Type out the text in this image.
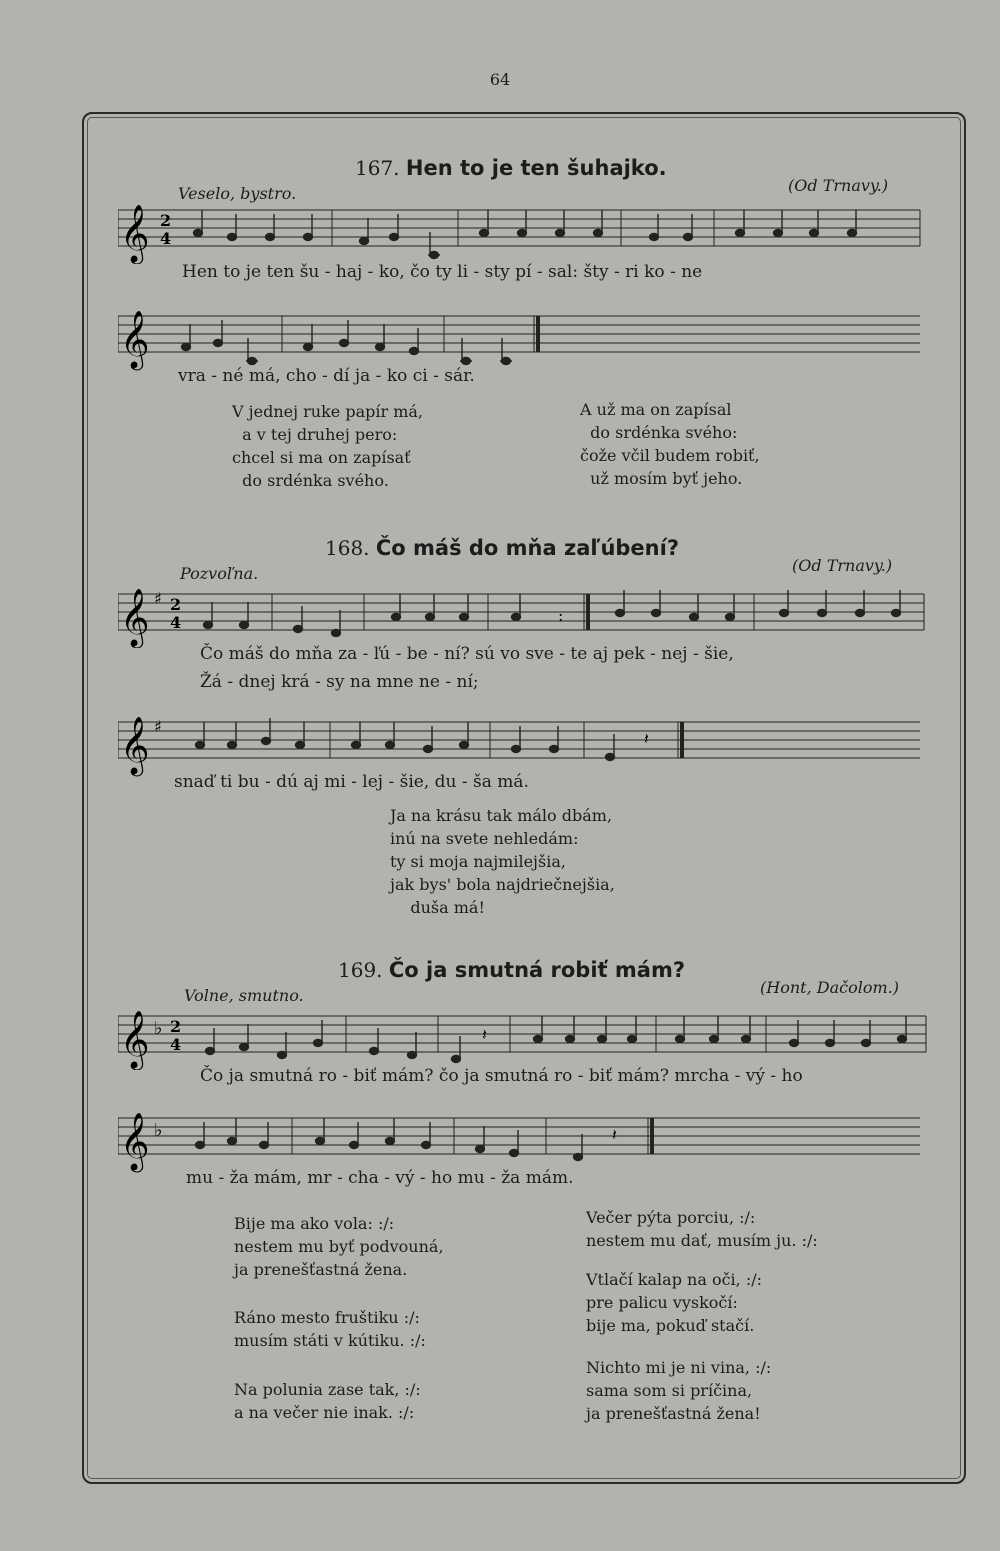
64
167. Hen to je ten šuhajko.
Veselo, bystro.	(Od Trnavy.)
𝄞 2
4
Hen to je ten šu - haj - ko, čo ty li - sty pí - sal: šty - ri ko - ne
𝄞
vra - né má, cho - dí ja - ko ci - sár.
V jednej ruke papír má,
a v tej druhej pero:
chcel si ma on zapísať
do srdénka svého.
A už ma on zapísal
do srdénka svého:
čože včil budem robiť,
už mosím byť jeho.
168. Čo máš do mňa zaľúbení?
Pozvoľna.	(Od Trnavy.)
𝄞 ♯ 2
4	:
Čo máš do mňa za - ľú - be - ní? sú vo sve - te aj pek - nej - šie,
Žá - dnej krá - sy na mne ne - ní;
𝄞 ♯
𝄽
snaď ti bu - dú aj mi - lej - šie, du - ša má.
Ja na krásu tak málo dbám,
inú na svete nehledám:
ty si moja najmilejšia,
jak bys' bola najdriečnejšia,
duša má!
169. Čo ja smutná robiť mám?
Volne, smutno.	(Hont, Dačolom.)
𝄞 ♭ 2
4
𝄽
Čo ja smutná ro - biť mám? čo ja smutná ro - biť mám? mrcha - vý - ho
𝄞 ♭	𝄽
mu - ža mám, mr - cha - vý - ho mu - ža mám.
Bije ma ako vola: :/:
nestem mu byť podvouná,
ja prenešťastná žena.
Ráno mesto fruštiku :/:
musím státi v kútiku. :/:
Na polunia zase tak, :/:
a na večer nie inak. :/:
Večer pýta porciu, :/:
nestem mu dať, musím ju. :/:
Vtlačí kalap na oči, :/:
pre palicu vyskočí:
bije ma, pokuď stačí.
Nichto mi je ni vina, :/:
sama som si príčina,
ja prenešťastná žena!
